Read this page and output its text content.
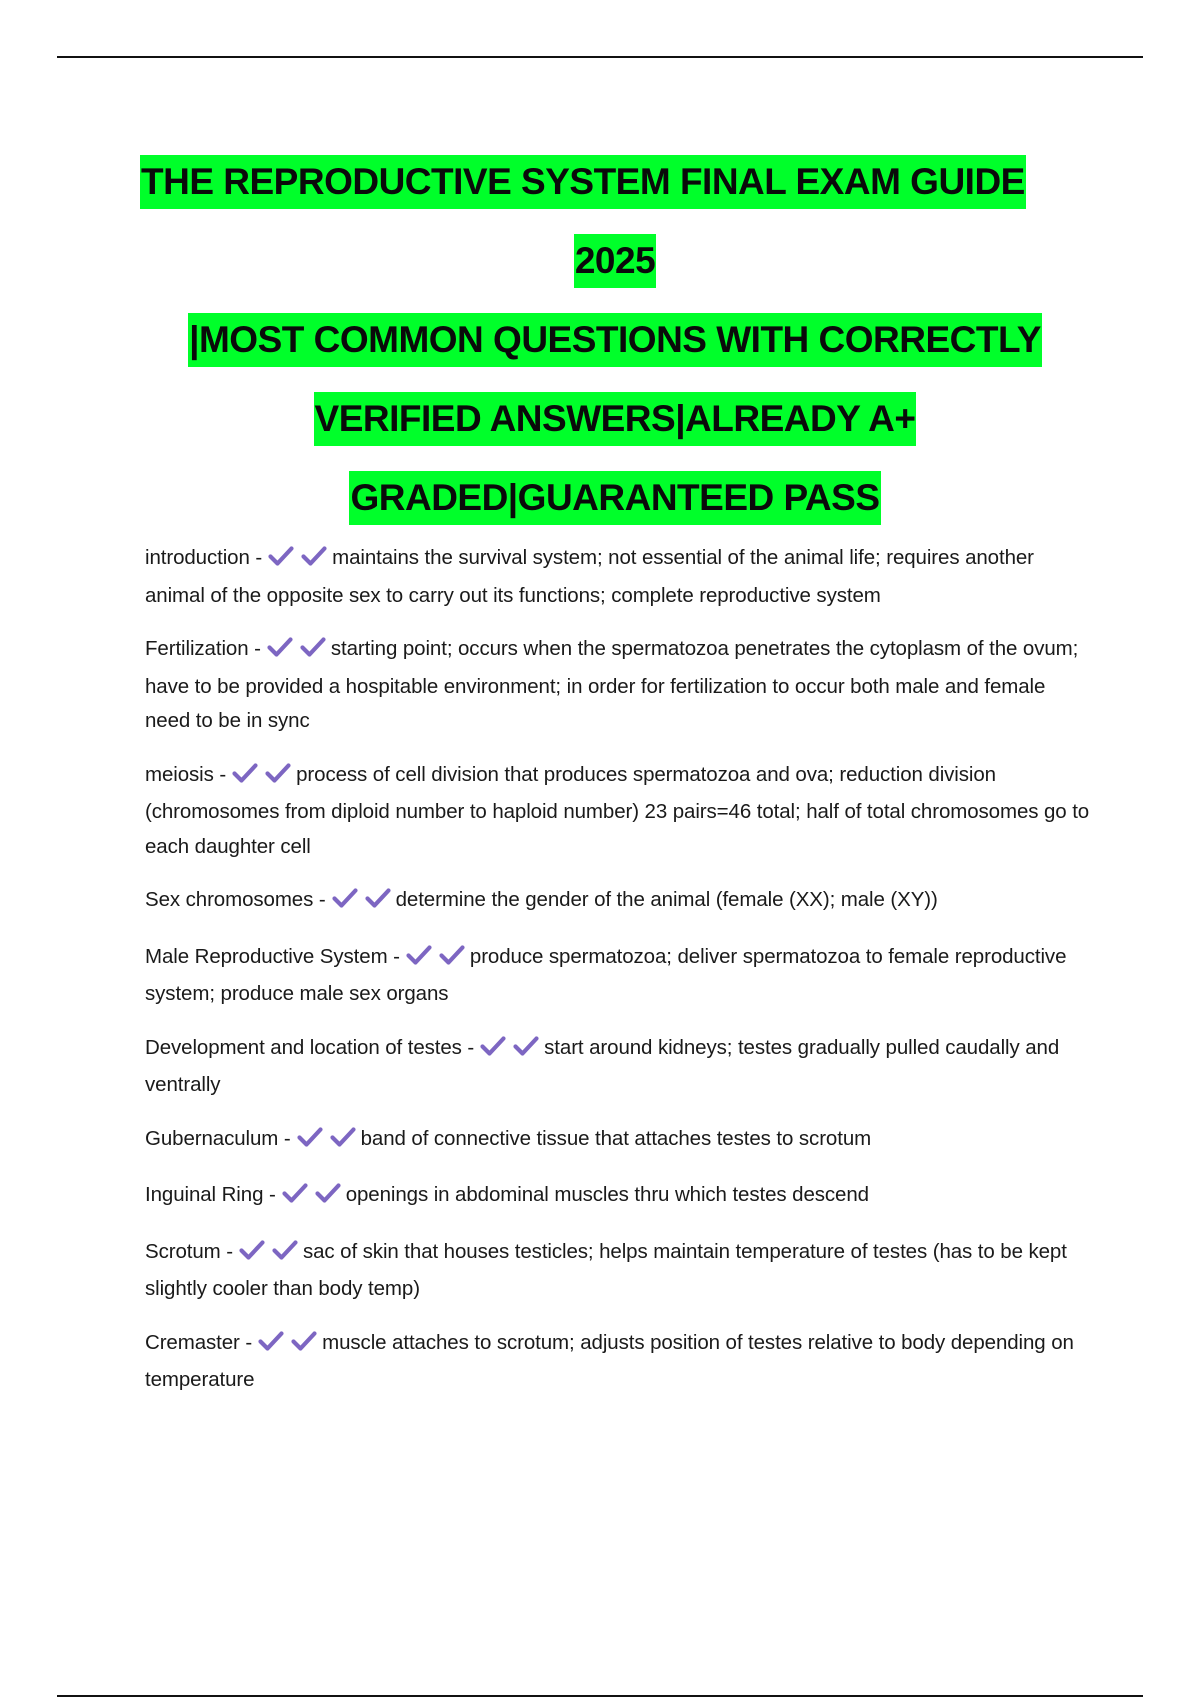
THE REPRODUCTIVE SYSTEM FINAL EXAM GUIDE
2025
|MOST COMMON QUESTIONS WITH CORRECTLY
VERIFIED ANSWERS|ALREADY A+
GRADED|GUARANTEED PASS
introduction -	maintains the survival system; not essential of the animal life; requires another animal of the opposite sex to carry out its functions; complete reproductive system
Fertilization -	starting point; occurs when the spermatozoa penetrates the cytoplasm of the ovum; have to be provided a hospitable environment; in order for fertilization to occur both male and female need to be in sync
meiosis -	process of cell division that produces spermatozoa and ova; reduction division (chromosomes from diploid number to haploid number) 23 pairs=46 total; half of total chromosomes go to each daughter cell
Sex chromosomes -	determine the gender of the animal (female (XX); male (XY))
Male Reproductive System -	produce spermatozoa; deliver spermatozoa to female reproductive system; produce male sex organs
Development and location of testes -	start around kidneys; testes gradually pulled caudally and ventrally
Gubernaculum -	band of connective tissue that attaches testes to scrotum
Inguinal Ring -	openings in abdominal muscles thru which testes descend
Scrotum -	sac of skin that houses testicles; helps maintain temperature of testes (has to be kept slightly cooler than body temp)
Cremaster -	muscle attaches to scrotum; adjusts position of testes relative to body depending on temperature
